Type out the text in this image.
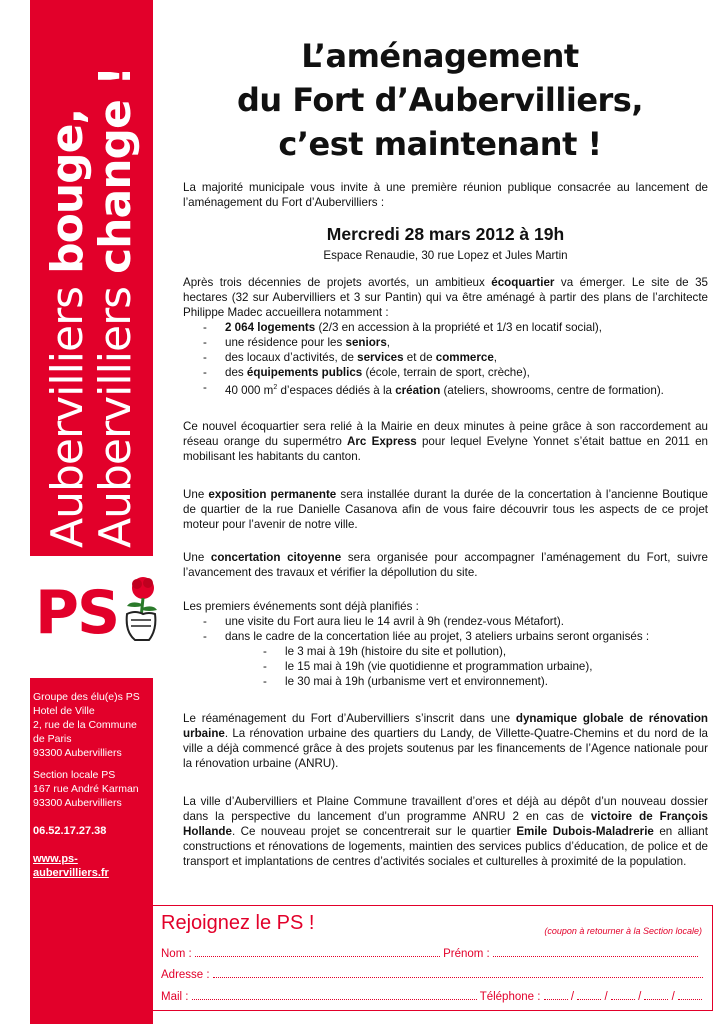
Aubervilliers bouge,
Aubervilliers change !
PS

Groupe des élu(e)s PS

Hotel de Ville

2, rue de la Commune

de Paris

93300 Aubervilliers

Section locale PS

167 rue André Karman

93300 Aubervilliers

06.52.17.27.38

www.ps-aubervilliers.fr

L’aménagement
du Fort d’Aubervilliers,
c’est maintenant !

La majorité municipale vous invite à une première réunion publique consacrée au lancement de l’aménagement du Fort d’Aubervilliers :

Mercredi 28 mars 2012 à 19h
Espace Renaudie, 30 rue Lopez et Jules Martin

Après trois décennies de projets avortés, un ambitieux écoquartier va émerger. Le site de 35 hectares (32 sur Aubervilliers et 3 sur Pantin) qui va être aménagé à partir des plans de l’architecte Philippe Madec accueillera notamment :

- 2 064 logements (2/3 en accession à la propriété et 1/3 en locatif social),
- une résidence pour les seniors,
- des locaux d’activités, de services et de commerce,
- des équipements publics (école, terrain de sport, crèche),
- 40 000 $m^2$ d’espaces dédiés à la création (ateliers, showrooms, centre de formation).

Ce nouvel écoquartier sera relié à la Mairie en deux minutes à peine grâce à son raccordement au réseau orange du supermétro Arc Express pour lequel Evelyne Yonnet s’était battue en 2011 en mobilisant les habitants du canton.

Une exposition permanente sera installée durant la durée de la concertation à l’ancienne Boutique de quartier de la rue Danielle Casanova afin de vous faire découvrir tous les aspects de ce projet moteur pour l’avenir de notre ville.

Une concertation citoyenne sera organisée pour accompagner l’aménagement du Fort, suivre l’avancement des travaux et vérifier la dépollution du site.

Les premiers événements sont déjà planifiés :

- une visite du Fort aura lieu le 14 avril à 9h (rendez-vous Métafort).
- dans le cadre de la concertation liée au projet, 3 ateliers urbains seront organisés :
- le 3 mai à 19h (histoire du site et pollution),
- le 15 mai à 19h (vie quotidienne et programmation urbaine),
- le 30 mai à 19h (urbanisme vert et environnement).

Le réaménagement du Fort d’Aubervilliers s’inscrit dans une dynamique globale de rénovation urbaine. La rénovation urbaine des quartiers du Landy, de Villette-Quatre-Chemins et du nord de la ville a déjà commencé grâce à des projets soutenus par les financements de l’Agence nationale pour la rénovation urbaine (ANRU).

La ville d’Aubervilliers et Plaine Commune travaillent d’ores et déjà au dépôt d’un nouveau dossier dans la perspective du lancement d’un programme ANRU 2 en cas de victoire de François Hollande. Ce nouveau projet se concentrerait sur le quartier Emile Dubois-Maladrerie en alliant constructions et rénovations de logements, maintien des services publics d’éducation, de police et de transport et implantations de centres d’activités sociales et culturelles à proximité de la population.

Rejoignez le PS !	(coupon à retourner à la Section locale)
Nom :	Prénom :
Adresse :
Mail :	Téléphone :	/	/	/	/
